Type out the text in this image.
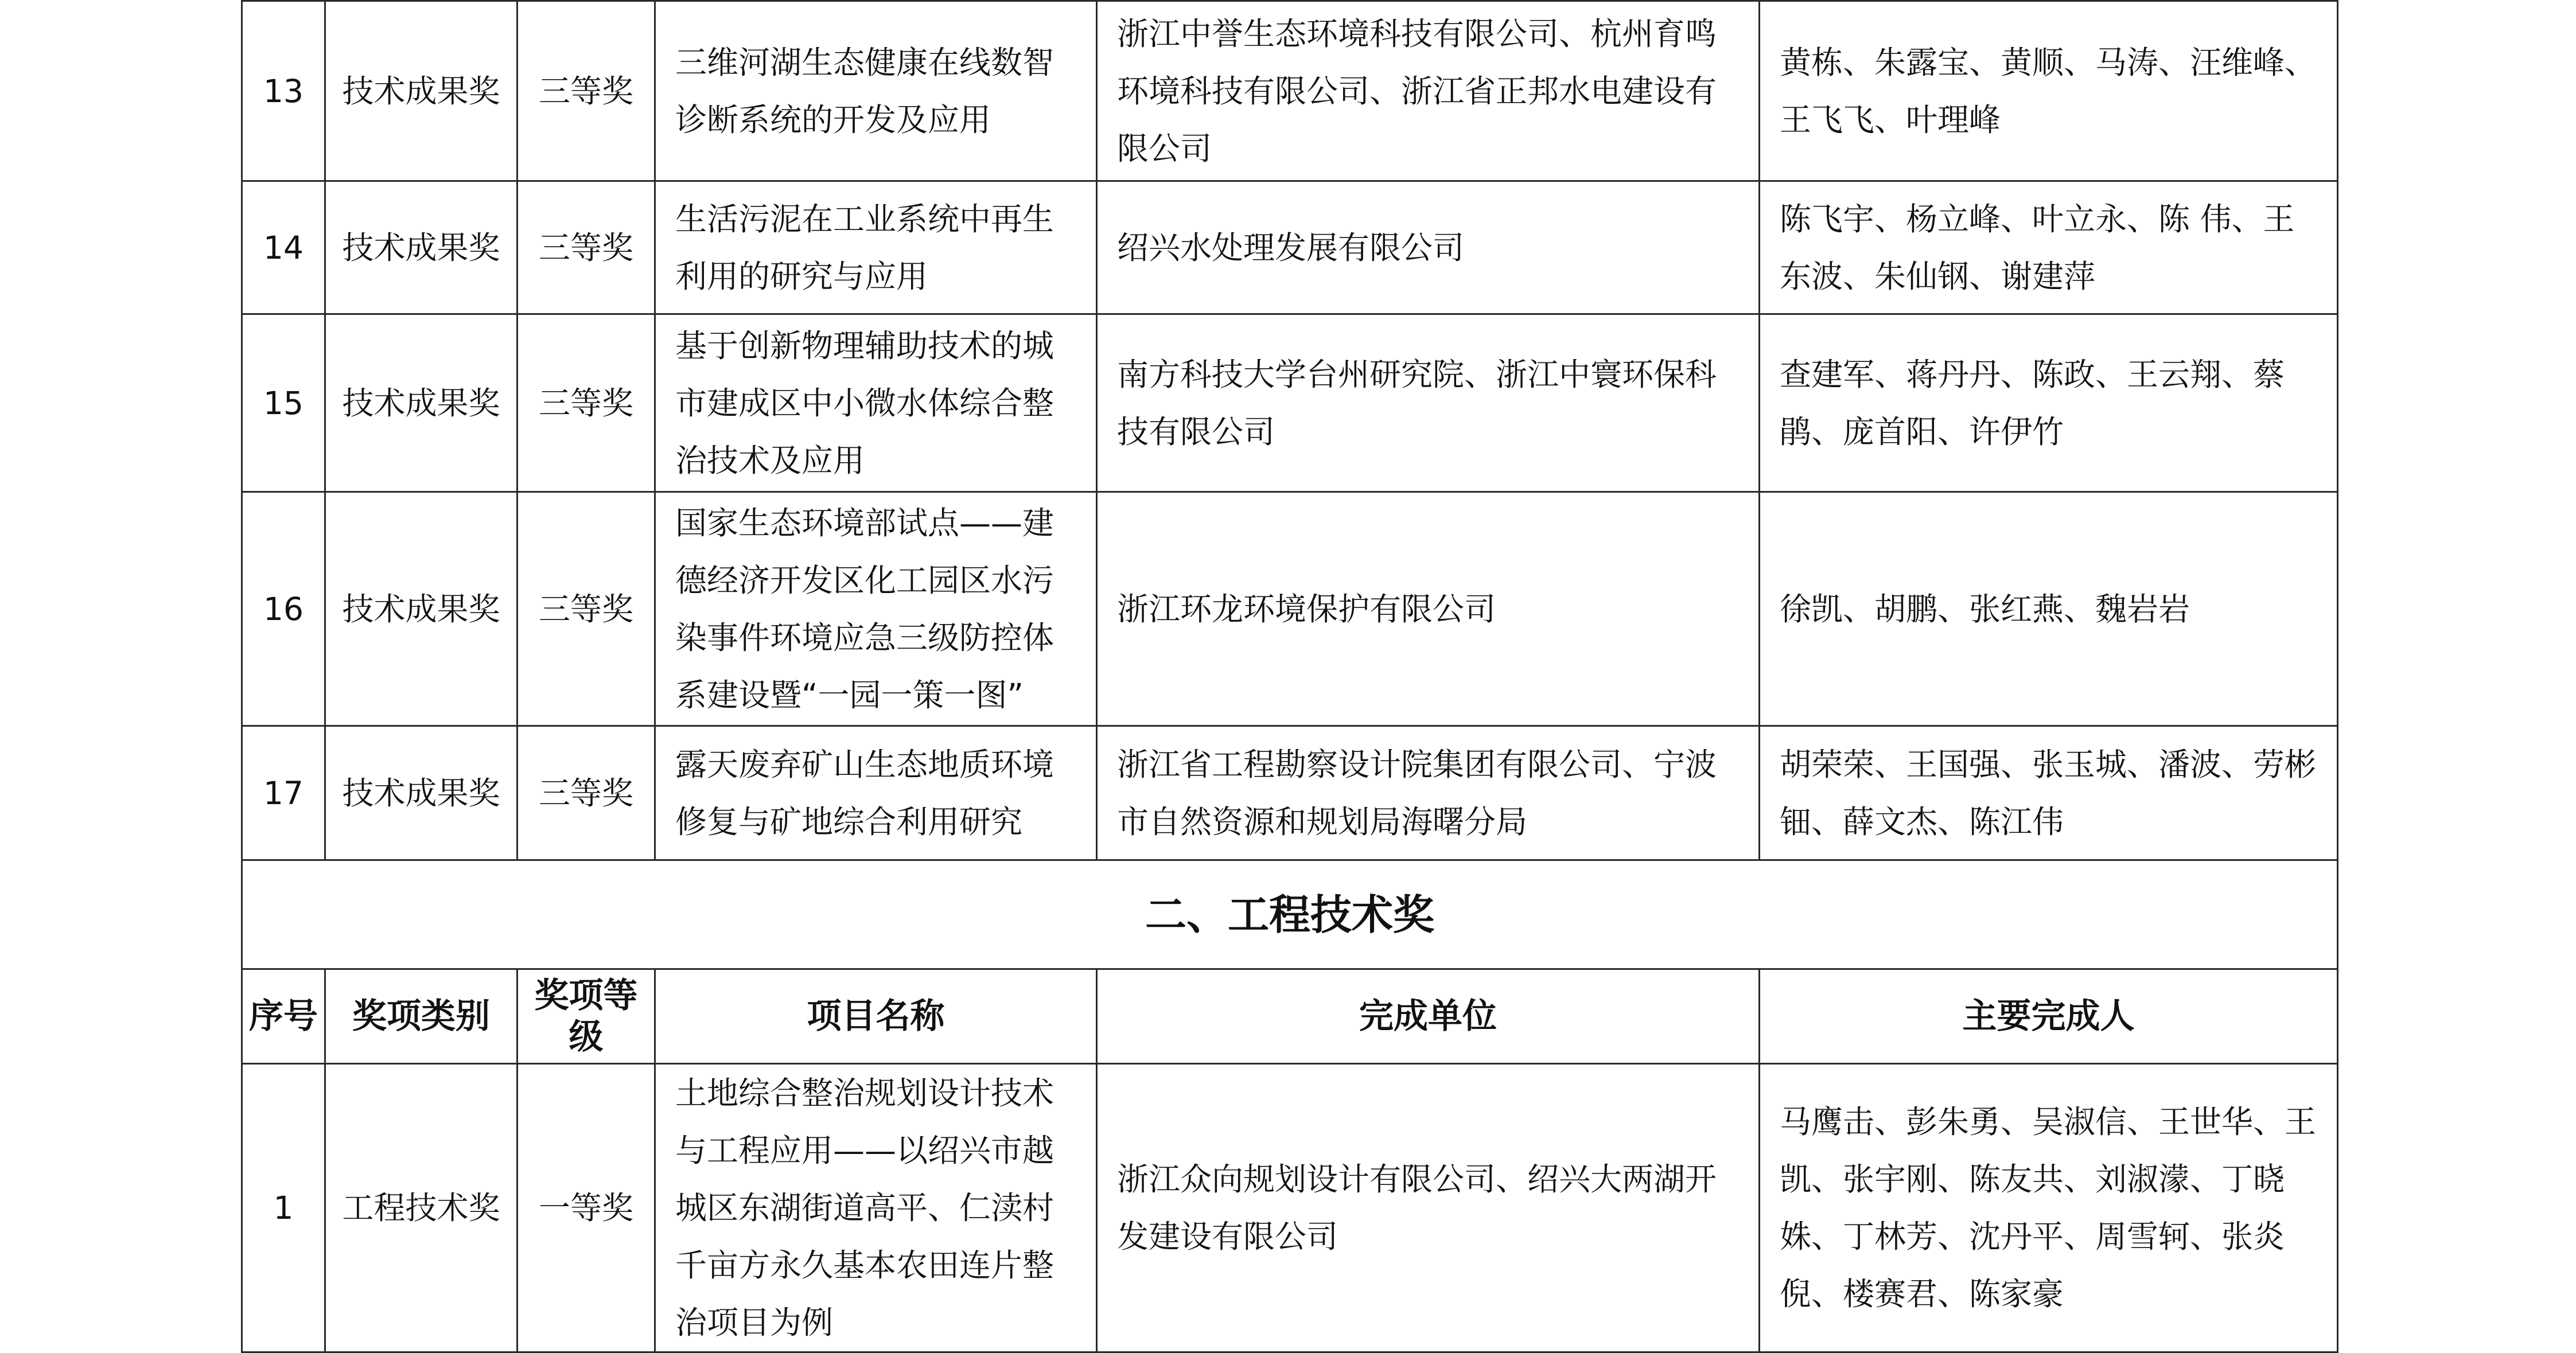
13	技术成果奖	三等奖	三维河湖生态健康在线数智诊断系统的开发及应用	浙江中誉生态环境科技有限公司、杭州育鸣环境科技有限公司、浙江省正邦水电建设有限公司	黄栋、朱露宝、黄顺、马涛、汪维峰、王飞飞、叶理峰
14	技术成果奖	三等奖	生活污泥在工业系统中再生利用的研究与应用	绍兴水处理发展有限公司	陈飞宇、杨立峰、叶立永、陈 伟、王东波、朱仙钢、谢建萍
15	技术成果奖	三等奖	基于创新物理辅助技术的城市建成区中小微水体综合整治技术及应用	南方科技大学台州研究院、浙江中寰环保科技有限公司	查建军、蒋丹丹、陈政、王云翔、蔡鹃、庞首阳、许伊竹
16	技术成果奖	三等奖	国家生态环境部试点——建德经济开发区化工园区水污染事件环境应急三级防控体系建设暨“一园一策一图”	浙江环龙环境保护有限公司	徐凯、胡鹏、张红燕、魏岩岩
17	技术成果奖	三等奖	露天废弃矿山生态地质环境修复与矿地综合利用研究	浙江省工程勘察设计院集团有限公司、宁波市自然资源和规划局海曙分局	胡荣荣、王国强、张玉城、潘波、劳彬钿、薛文杰、陈江伟
二、工程技术奖					
序号	奖项类别	奖项等级	项目名称	完成单位	主要完成人
1	工程技术奖	一等奖	土地综合整治规划设计技术与工程应用——以绍兴市越城区东湖街道高平、仁渎村千亩方永久基本农田连片整治项目为例	浙江众向规划设计有限公司、绍兴大两湖开发建设有限公司	马鹰击、彭朱勇、吴淑信、王世华、王凯、张宇刚、陈友共、刘淑濛、丁晓姝、丁林芳、沈丹平、周雪轲、张炎倪、楼赛君、陈家豪
